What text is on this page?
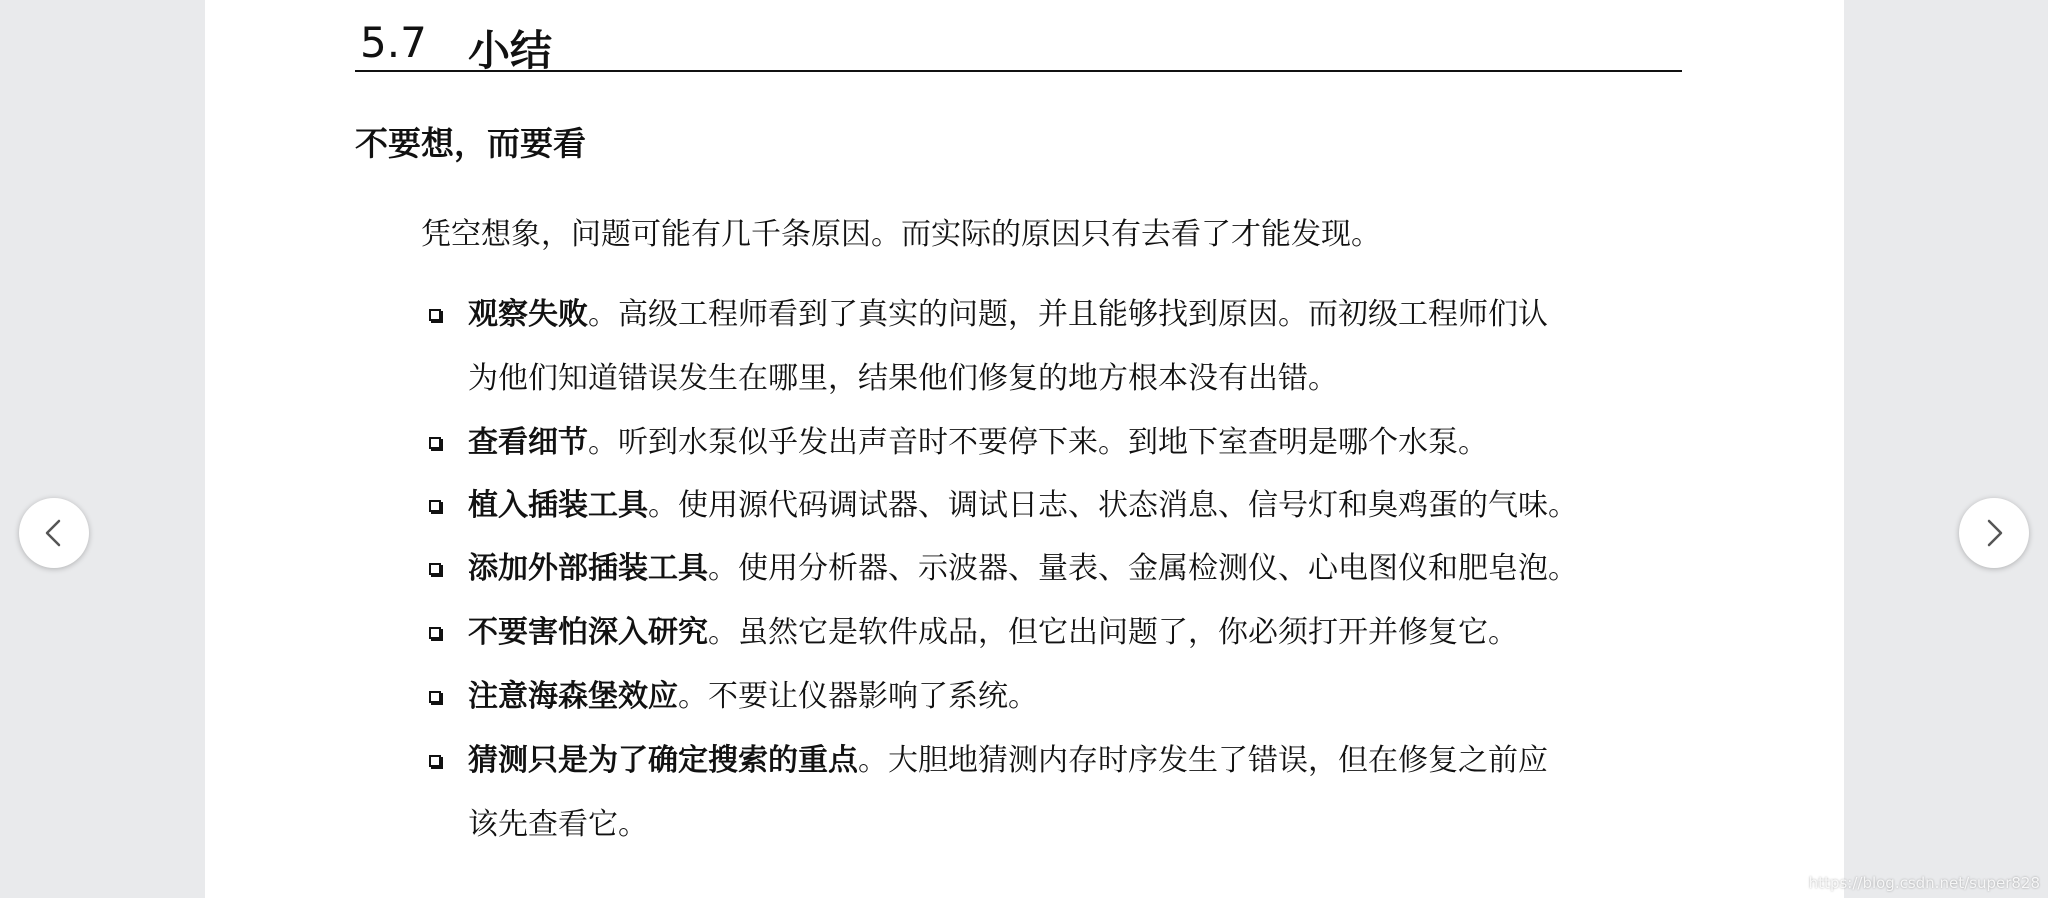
5.7 小结
不要想，而要看
凭空想象，问题可能有几千条原因。而实际的原因只有去看了才能发现。
观察失败。高级工程师看到了真实的问题，并且能够找到原因。而初级工程师们认
为他们知道错误发生在哪里，结果他们修复的地方根本没有出错。
查看细节。听到水泵似乎发出声音时不要停下来。到地下室查明是哪个水泵。
植入插装工具。使用源代码调试器、调试日志、状态消息、信号灯和臭鸡蛋的气味。
添加外部插装工具。使用分析器、示波器、量表、金属检测仪、心电图仪和肥皂泡。
不要害怕深入研究。虽然它是软件成品，但它出问题了，你必须打开并修复它。
注意海森堡效应。不要让仪器影响了系统。
猜测只是为了确定搜索的重点。大胆地猜测内存时序发生了错误，但在修复之前应
该先查看它。
https://blog.csdn.net/super828
